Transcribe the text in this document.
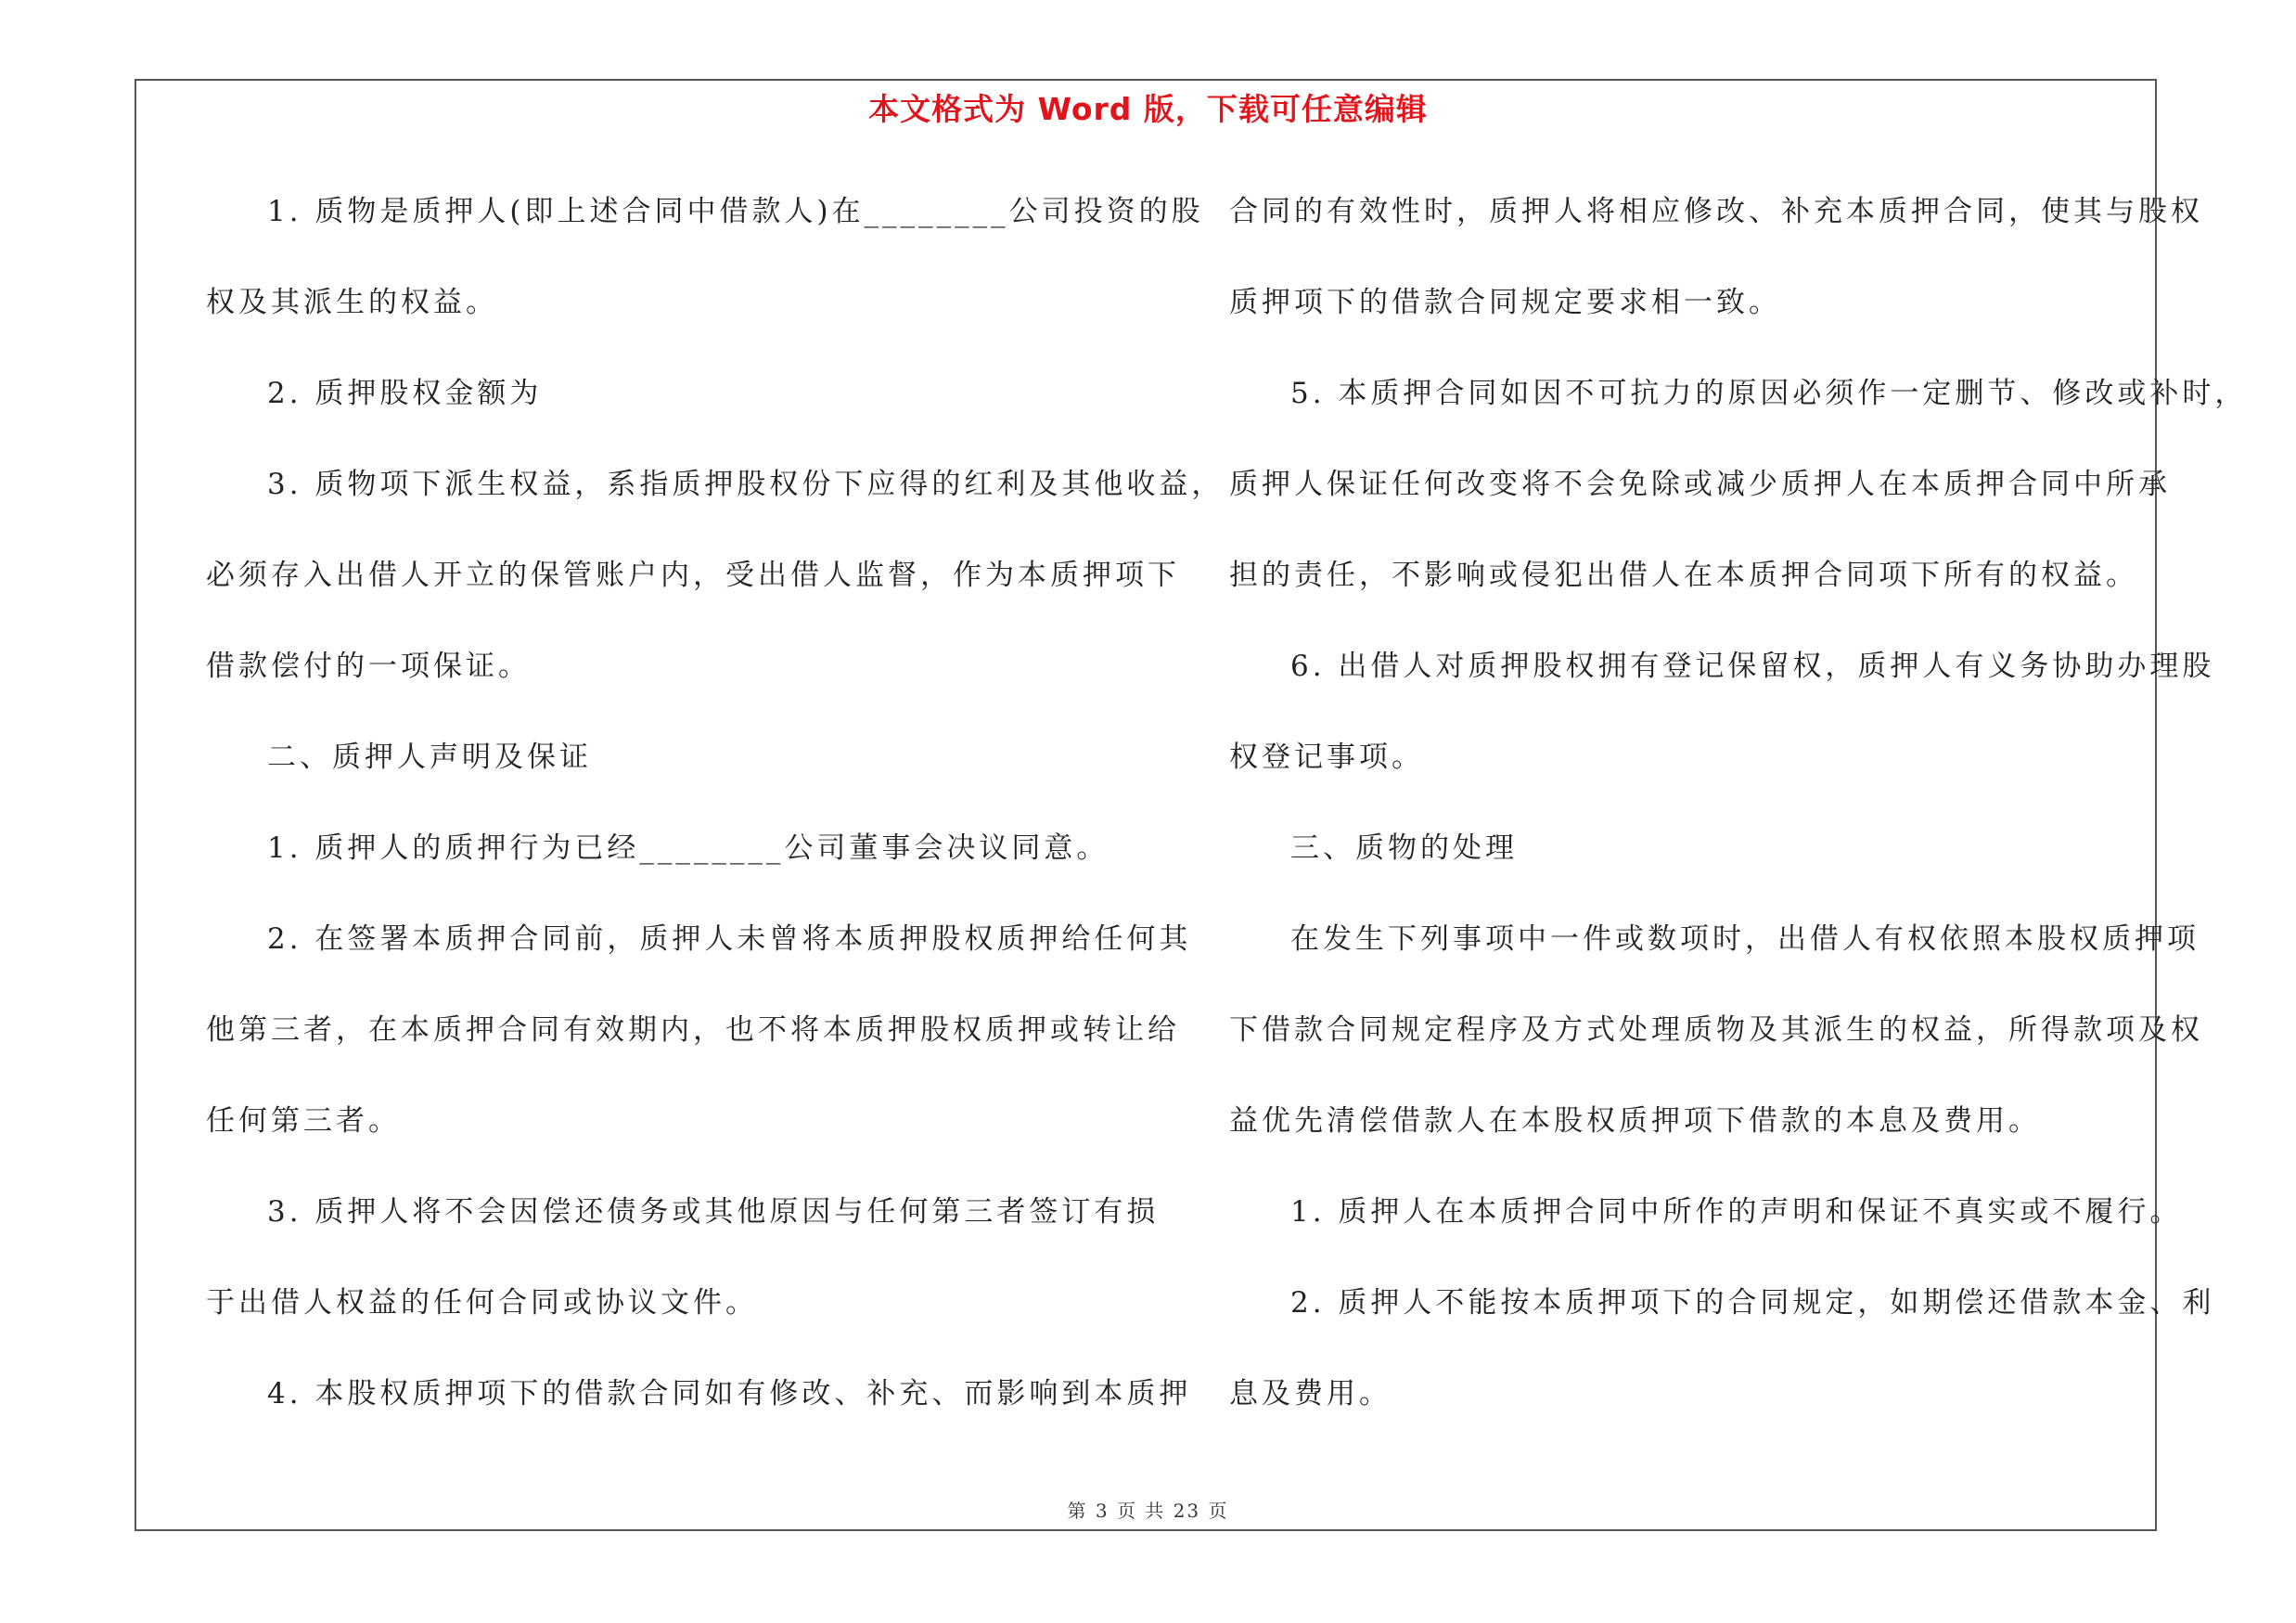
本文格式为 Word 版，下载可任意编辑
1. 质物是质押人(即上述合同中借款人)在________公司投资的股
权及其派生的权益。
2. 质押股权金额为
3. 质物项下派生权益，系指质押股权份下应得的红利及其他收益，
必须存入出借人开立的保管账户内，受出借人监督，作为本质押项下
借款偿付的一项保证。
二、质押人声明及保证
1. 质押人的质押行为已经________公司董事会决议同意。
2. 在签署本质押合同前，质押人未曾将本质押股权质押给任何其
他第三者，在本质押合同有效期内，也不将本质押股权质押或转让给
任何第三者。
3. 质押人将不会因偿还债务或其他原因与任何第三者签订有损
于出借人权益的任何合同或协议文件。
4. 本股权质押项下的借款合同如有修改、补充、而影响到本质押
合同的有效性时，质押人将相应修改、补充本质押合同，使其与股权
质押项下的借款合同规定要求相一致。
5. 本质押合同如因不可抗力的原因必须作一定删节、修改或补时，
质押人保证任何改变将不会免除或减少质押人在本质押合同中所承
担的责任，不影响或侵犯出借人在本质押合同项下所有的权益。
6. 出借人对质押股权拥有登记保留权，质押人有义务协助办理股
权登记事项。
三、质物的处理
在发生下列事项中一件或数项时，出借人有权依照本股权质押项
下借款合同规定程序及方式处理质物及其派生的权益，所得款项及权
益优先清偿借款人在本股权质押项下借款的本息及费用。
1. 质押人在本质押合同中所作的声明和保证不真实或不履行。
2. 质押人不能按本质押项下的合同规定，如期偿还借款本金、利
息及费用。
第 3 页 共 23 页
